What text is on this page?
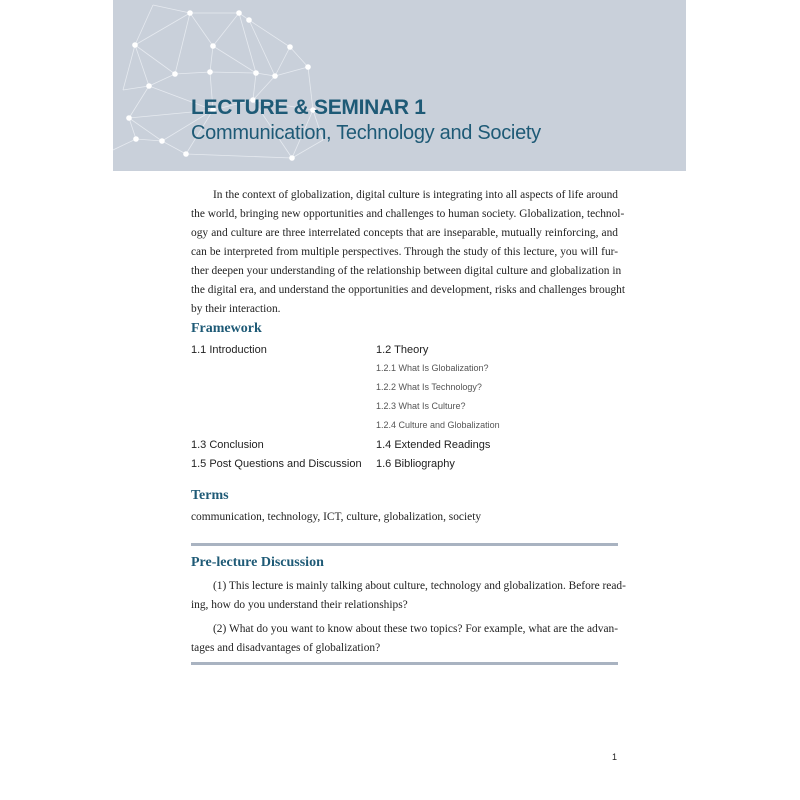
LECTURE & SEMINAR 1
Communication, Technology and Society
In the context of globalization, digital culture is integrating into all aspects of life around
the world, bringing new opportunities and challenges to human society. Globalization, technol-
ogy and culture are three interrelated concepts that are inseparable, mutually reinforcing, and
can be interpreted from multiple perspectives. Through the study of this lecture, you will fur-
ther deepen your understanding of the relationship between digital culture and globalization in
the digital era, and understand the opportunities and development, risks and challenges brought
by their interaction.
Framework
1.1 Introduction	1.2 Theory
1.2.1 What Is Globalization?
1.2.2 What Is Technology?
1.2.3 What Is Culture?
1.2.4 Culture and Globalization
1.3 Conclusion	1.4 Extended Readings
1.5 Post Questions and Discussion 1.6 Bibliography
Terms
communication, technology, ICT, culture, globalization, society
Pre-lecture Discussion
(1) This lecture is mainly talking about culture, technology and globalization. Before read-
ing, how do you understand their relationships?
(2) What do you want to know about these two topics? For example, what are the advan-
tages and disadvantages of globalization?
1
